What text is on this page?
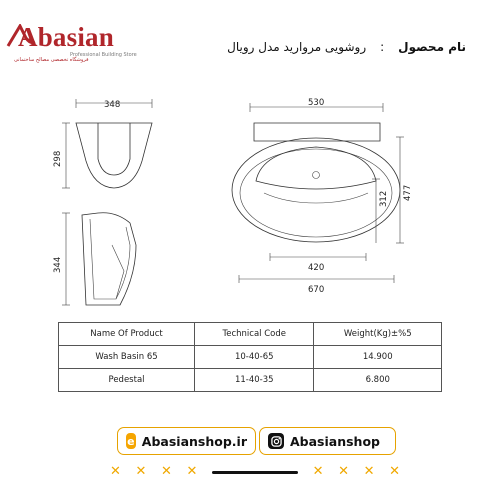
Abasian
Professional Building Store
فروشگاه تخصصی مصالح ساختمانی
نام محصول
:
روشویی مروارید مدل رویال
348
298
344
530
477
312
420
670
Name Of Product	Technical Code	Weight(Kg)±%5
Wash Basin 65	10-40-65	14.900
Pedestal	11-40-35	6.800
e Abasianshop.ir	Abasianshop
✕ ✕ ✕ ✕	✕ ✕ ✕ ✕
